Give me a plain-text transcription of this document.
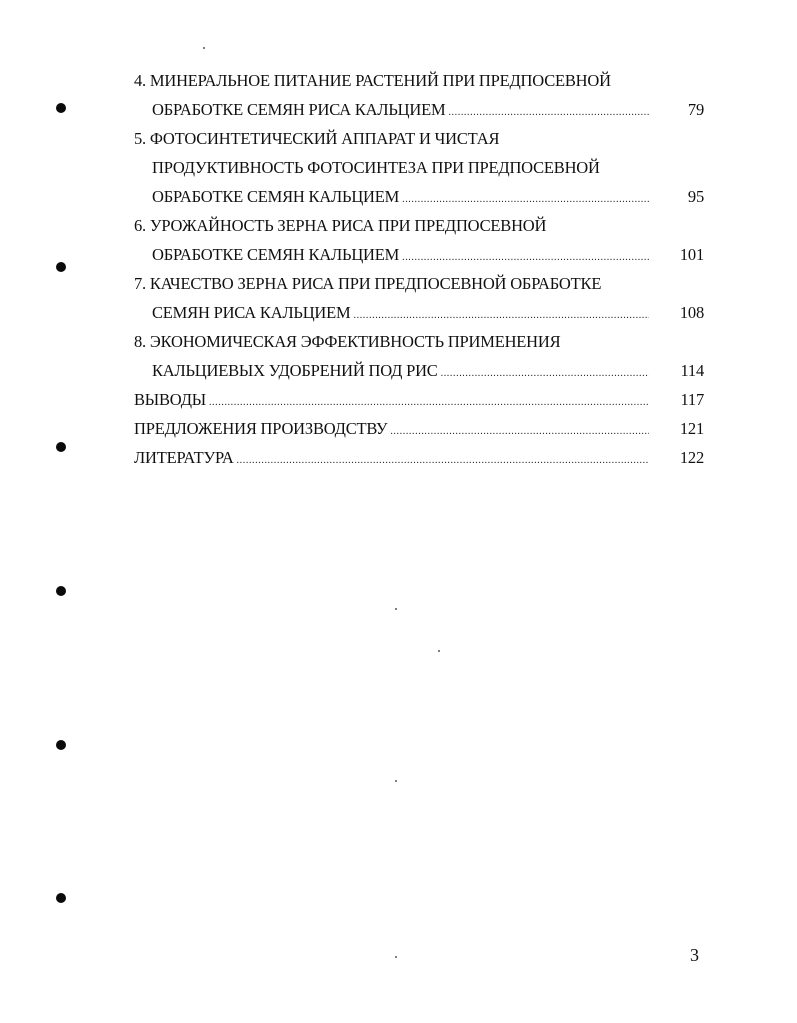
4. МИНЕРАЛЬНОЕ ПИТАНИЕ РАСТЕНИЙ ПРИ ПРЕДПОСЕВНОЙ
ОБРАБОТКЕ СЕМЯН РИСА КАЛЬЦИЕМ .....	79
5. ФОТОСИНТЕТИЧЕСКИЙ АППАРАТ И ЧИСТАЯ
ПРОДУКТИВНОСТЬ ФОТОСИНТЕЗА ПРИ ПРЕДПОСЕВНОЙ
ОБРАБОТКЕ СЕМЯН КАЛЬЦИЕМ .....	95
6. УРОЖАЙНОСТЬ ЗЕРНА РИСА ПРИ ПРЕДПОСЕВНОЙ
ОБРАБОТКЕ СЕМЯН КАЛЬЦИЕМ .....	101
7. КАЧЕСТВО ЗЕРНА РИСА ПРИ ПРЕДПОСЕВНОЙ ОБРАБОТКЕ
СЕМЯН РИСА КАЛЬЦИЕМ .....	108
8. ЭКОНОМИЧЕСКАЯ ЭФФЕКТИВНОСТЬ ПРИМЕНЕНИЯ
КАЛЬЦИЕВЫХ УДОБРЕНИЙ ПОД РИС .....	114
ВЫВОДЫ .....	117
ПРЕДЛОЖЕНИЯ ПРОИЗВОДСТВУ .....	121
ЛИТЕРАТУРА .....	122
3
